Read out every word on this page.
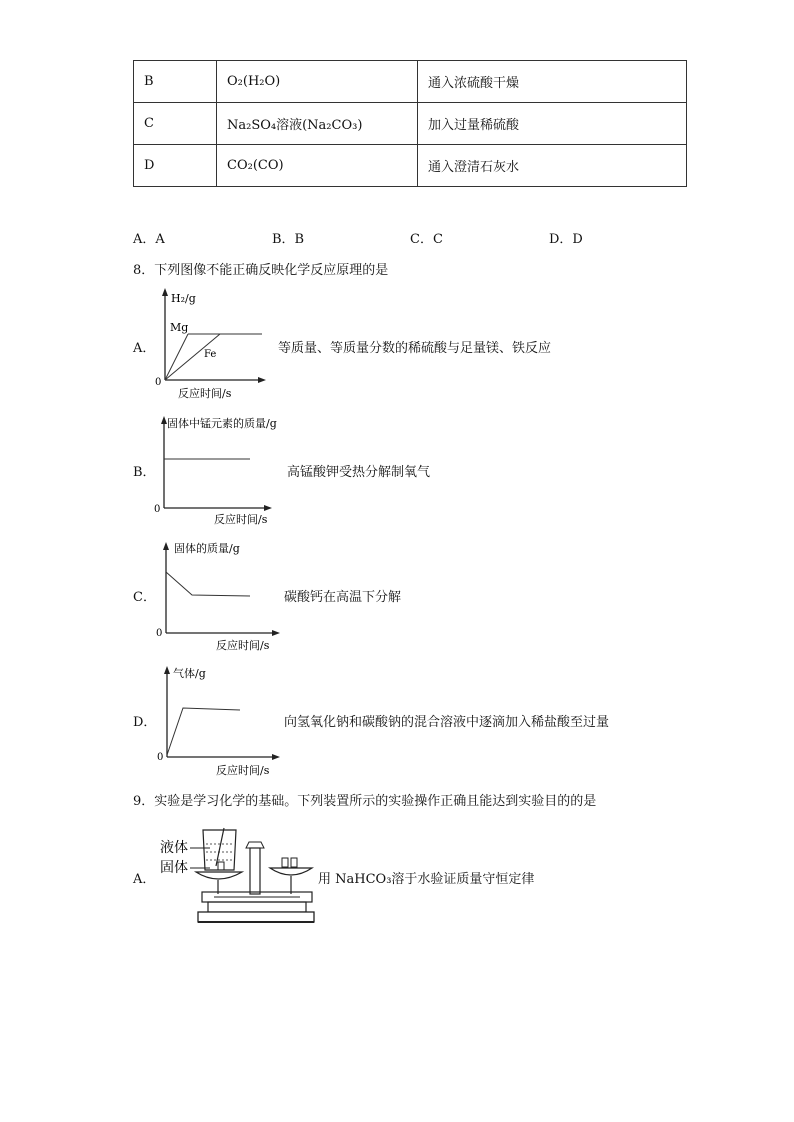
B	O₂(H₂O)	通入浓硫酸干燥
C	Na₂SO₄溶液(Na₂CO₃)	加入过量稀硫酸
D	CO₂(CO)	通入澄清石灰水
A．A	B．B	C．C	D．D
8．下列图像不能正确反映化学反应原理的是
A．
H₂/g
Mg
Fe
0
反应时间/s
等质量、等质量分数的稀硫酸与足量镁、铁反应
B．
固体中锰元素的质量/g
0
反应时间/s
高锰酸钾受热分解制氧气
C．
固体的质量/g
0
反应时间/s
碳酸钙在高温下分解
D．
气体/g
0
反应时间/s
向氢氧化钠和碳酸钠的混合溶液中逐滴加入稀盐酸至过量
9．实验是学习化学的基础。下列装置所示的实验操作正确且能达到实验目的的是
A．
液体
固体
用 NaHCO₃溶于水验证质量守恒定律
